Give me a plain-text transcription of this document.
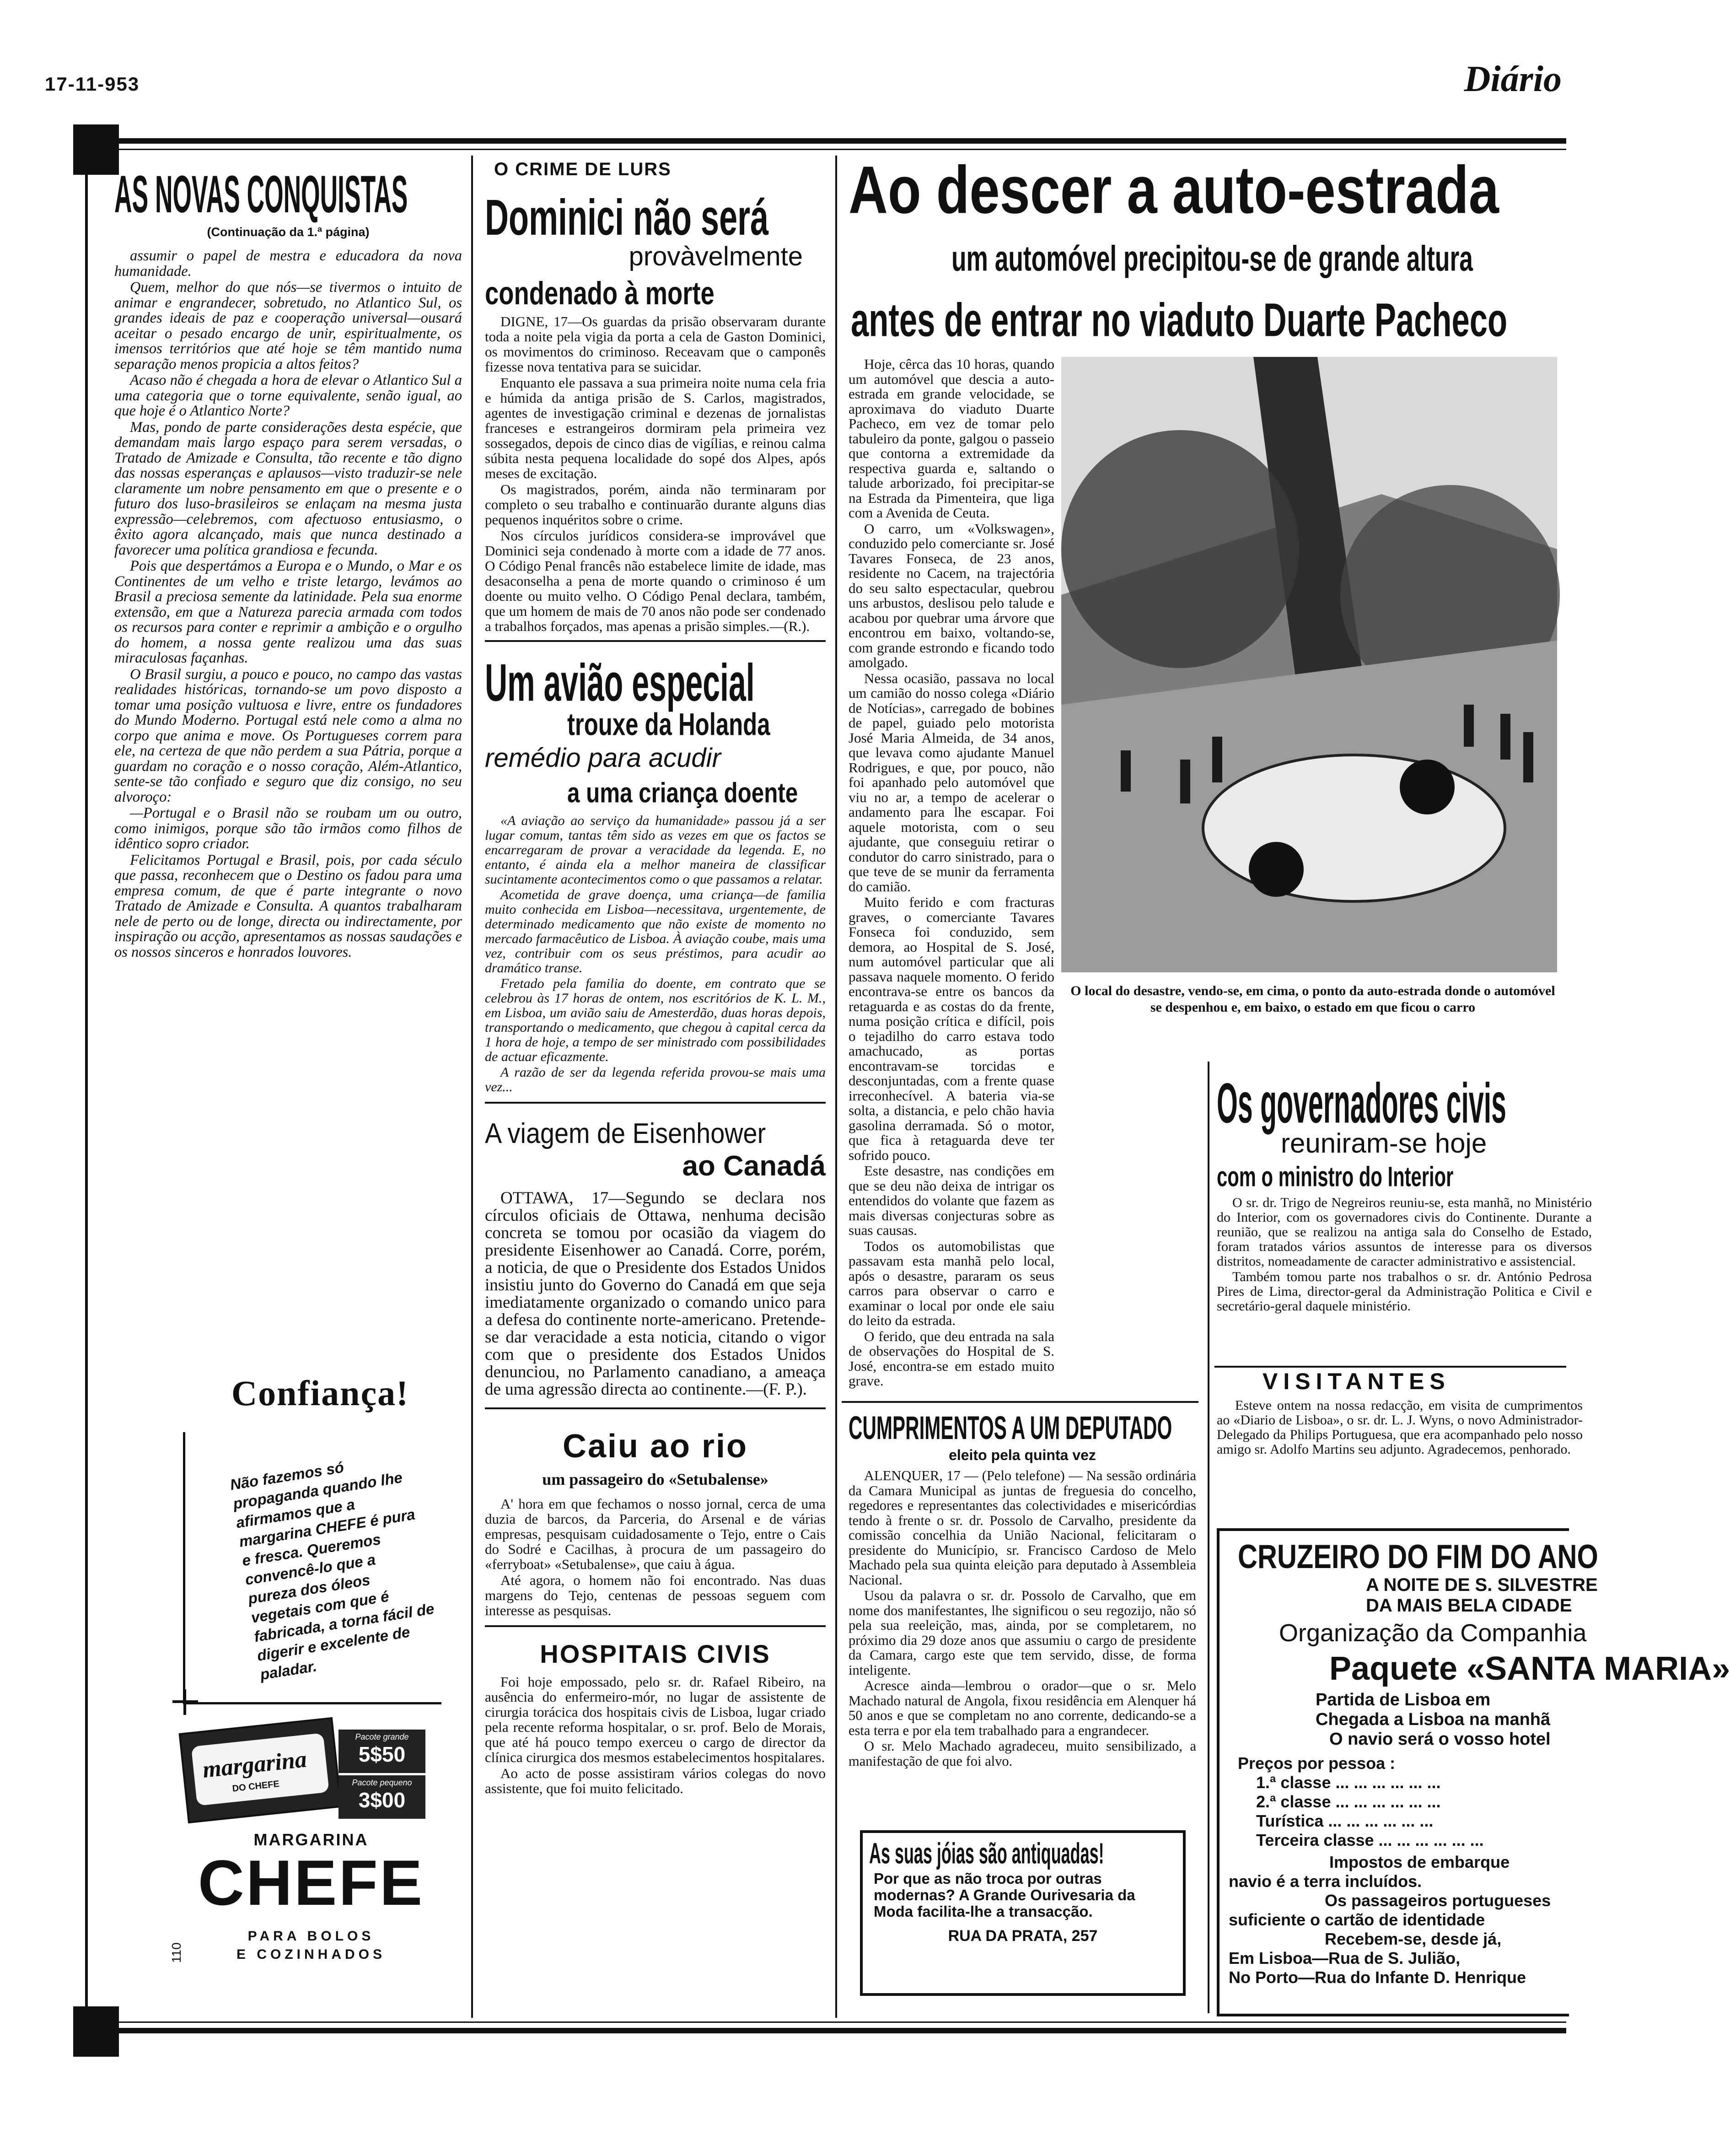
17-11-953	Diário
AS NOVAS CONQUISTAS
(Continuação da 1.ª página)

assumir o papel de mestra e educadora da nova humanidade.

Quem, melhor do que nós—se tivermos o intuito de animar e engrandecer, sobretudo, no Atlantico Sul, os grandes ideais de paz e cooperação universal—ousará aceitar o pesado encargo de unir, espiritualmente, os imensos territórios que até hoje se têm mantido numa separação menos propicia a altos feitos?

Acaso não é chegada a hora de elevar o Atlantico Sul a uma categoria que o torne equivalente, senão igual, ao que hoje é o Atlantico Norte?

Mas, pondo de parte considerações desta espécie, que demandam mais largo espaço para serem versadas, o Tratado de Amizade e Consulta, tão recente e tão digno das nossas esperanças e aplausos—visto traduzir-se nele claramente um nobre pensamento em que o presente e o futuro dos luso-brasileiros se enlaçam na mesma justa expressão—celebremos, com afectuoso entusiasmo, o êxito agora alcançado, mais que nunca destinado a favorecer uma política grandiosa e fecunda.

Pois que despertámos a Europa e o Mundo, o Mar e os Continentes de um velho e triste letargo, levámos ao Brasil a preciosa semente da latinidade. Pela sua enorme extensão, em que a Natureza parecia armada com todos os recursos para conter e reprimir a ambição e o orgulho do homem, a nossa gente realizou uma das suas miraculosas façanhas.

O Brasil surgiu, a pouco e pouco, no campo das vastas realidades históricas, tornando-se um povo disposto a tomar uma posição vultuosa e livre, entre os fundadores do Mundo Moderno. Portugal está nele como a alma no corpo que anima e move. Os Portugueses correm para ele, na certeza de que não perdem a sua Pátria, porque a guardam no coração e o nosso coração, Além-Atlantico, sente-se tão confiado e seguro que diz consigo, no seu alvoroço:

—Portugal e o Brasil não se roubam um ou outro, como inimigos, porque são tão irmãos como filhos de idêntico sopro criador.

Felicitamos Portugal e Brasil, pois, por cada século que passa, reconhecem que o Destino os fadou para uma empresa comum, de que é parte integrante o novo Tratado de Amizade e Consulta. A quantos trabalharam nele de perto ou de longe, directa ou indirectamente, por inspiração ou acção, apresentamos as nossas saudações e os nossos sinceros e honrados louvores.

Confiança!
Não fazemos só propaganda quando lhe afirmamos que a margarina CHEFE é pura e fresca. Queremos convencê-lo que a pureza dos óleos vegetais com que é fabricada, a torna fácil de digerir e excelente de paladar.
margarina
DO CHEFE
Pacote grande
5$50
Pacote pequeno
3$00
MARGARINA
CHEFE
PARA BOLOS
E COZINHADOS
110
O CRIME DE LURS
Dominici não será
provàvelmente
condenado à morte

DIGNE, 17—Os guardas da prisão observaram durante toda a noite pela vigia da porta a cela de Gaston Dominici, os movimentos do criminoso. Receavam que o camponês fizesse nova tentativa para se suicidar.

Enquanto ele passava a sua primeira noite numa cela fria e húmida da antiga prisão de S. Carlos, magistrados, agentes de investigação criminal e dezenas de jornalistas franceses e estrangeiros dormiram pela primeira vez sossegados, depois de cinco dias de vigílias, e reinou calma súbita nesta pequena localidade do sopé dos Alpes, após meses de excitação.

Os magistrados, porém, ainda não terminaram por completo o seu trabalho e continuarão durante alguns dias pequenos inquéritos sobre o crime.

Nos círculos jurídicos considera-se improvável que Dominici seja condenado à morte com a idade de 77 anos. O Código Penal francês não estabelece limite de idade, mas desaconselha a pena de morte quando o criminoso é um doente ou muito velho. O Código Penal declara, também, que um homem de mais de 70 anos não pode ser condenado a trabalhos forçados, mas apenas a prisão simples.—(R.).

Um avião especial
trouxe da Holanda
remédio para acudir
a uma criança doente

«A aviação ao serviço da humanidade» passou já a ser lugar comum, tantas têm sido as vezes em que os factos se encarregaram de provar a veracidade da legenda. E, no entanto, é ainda ela a melhor maneira de classificar sucintamente acontecimentos como o que passamos a relatar.

Acometida de grave doença, uma criança—de familia muito conhecida em Lisboa—necessitava, urgentemente, de determinado medicamento que não existe de momento no mercado farmacêutico de Lisboa. À aviação coube, mais uma vez, contribuir com os seus préstimos, para acudir ao dramático transe.

Fretado pela familia do doente, em contrato que se celebrou às 17 horas de ontem, nos escritórios de K. L. M., em Lisboa, um avião saiu de Amesterdão, duas horas depois, transportando o medicamento, que chegou à capital cerca da 1 hora de hoje, a tempo de ser ministrado com possibilidades de actuar eficazmente.

A razão de ser da legenda referida provou-se mais uma vez...

A viagem de Eisenhower
ao Canadá

OTTAWA, 17—Segundo se declara nos círculos oficiais de Ottawa, nenhuma decisão concreta se tomou por ocasião da viagem do presidente Eisenhower ao Canadá. Corre, porém, a noticia, de que o Presidente dos Estados Unidos insistiu junto do Governo do Canadá em que seja imediatamente organizado o comando unico para a defesa do continente norte-americano. Pretende-se dar veracidade a esta noticia, citando o vigor com que o presidente dos Estados Unidos denunciou, no Parlamento canadiano, a ameaça de uma agressão directa ao continente.—(F. P.).

Caiu ao rio
um passageiro do «Setubalense»

A' hora em que fechamos o nosso jornal, cerca de uma duzia de barcos, da Parceria, do Arsenal e de várias empresas, pesquisam cuidadosamente o Tejo, entre o Cais do Sodré e Cacilhas, à procura de um passageiro do «ferryboat» «Setubalense», que caiu à água.

Até agora, o homem não foi encontrado. Nas duas margens do Tejo, centenas de pessoas seguem com interesse as pesquisas.

HOSPITAIS CIVIS

Foi hoje empossado, pelo sr. dr. Rafael Ribeiro, na ausência do enfermeiro-mór, no lugar de assistente de cirurgia torácica dos hospitais civis de Lisboa, lugar criado pela recente reforma hospitalar, o sr. prof. Belo de Morais, que até há pouco tempo exerceu o cargo de director da clínica cirurgica dos mesmos estabelecimentos hospitalares.

Ao acto de posse assistiram vários colegas do novo assistente, que foi muito felicitado.

Ao descer a auto-estrada
um automóvel precipitou-se de grande altura
antes de entrar no viaduto Duarte Pacheco

Hoje, cêrca das 10 horas, quando um automóvel que descia a auto-estrada em grande velocidade, se aproximava do viaduto Duarte Pacheco, em vez de tomar pelo tabuleiro da ponte, galgou o passeio que contorna a extremidade da respectiva guarda e, saltando o talude arborizado, foi precipitar-se na Estrada da Pimenteira, que liga com a Avenida de Ceuta.

O carro, um «Volkswagen», conduzido pelo comerciante sr. José Tavares Fonseca, de 23 anos, residente no Cacem, na trajectória do seu salto espectacular, quebrou uns arbustos, deslisou pelo talude e acabou por quebrar uma árvore que encontrou em baixo, voltando-se, com grande estrondo e ficando todo amolgado.

Nessa ocasião, passava no local um camião do nosso colega «Diário de Notícias», carregado de bobines de papel, guiado pelo motorista José Maria Almeida, de 34 anos, que levava como ajudante Manuel Rodrigues, e que, por pouco, não foi apanhado pelo automóvel que viu no ar, a tempo de acelerar o andamento para lhe escapar. Foi aquele motorista, com o seu ajudante, que conseguiu retirar o condutor do carro sinistrado, para o que teve de se munir da ferramenta do camião.

Muito ferido e com fracturas graves, o comerciante Tavares Fonseca foi conduzido, sem demora, ao Hospital de S. José, num automóvel particular que ali passava naquele momento. O ferido encontrava-se entre os bancos da retaguarda e as costas do da frente, numa posição crítica e difícil, pois o tejadilho do carro estava todo amachucado, as portas encontravam-se torcidas e desconjuntadas, com a frente quase irreconhecível. A bateria via-se solta, a distancia, e pelo chão havia gasolina derramada. Só o motor, que fica à retaguarda deve ter sofrido pouco.

Este desastre, nas condições em que se deu não deixa de intrigar os entendidos do volante que fazem as mais diversas conjecturas sobre as suas causas.

Todos os automobilistas que passavam esta manhã pelo local, após o desastre, pararam os seus carros para observar o carro e examinar o local por onde ele saiu do leito da estrada.

O ferido, que deu entrada na sala de observações do Hospital de S. José, encontra-se em estado muito grave.

O local do desastre, vendo-se, em cima, o ponto da auto-estrada donde o automóvel se despenhou e, em baixo, o estado em que ficou o carro
CUMPRIMENTOS A UM DEPUTADO
eleito pela quinta vez

ALENQUER, 17 — (Pelo telefone) — Na sessão ordinária da Camara Municipal as juntas de freguesia do concelho, regedores e representantes das colectividades e misericórdias tendo à frente o sr. dr. Possolo de Carvalho, presidente da comissão concelhia da União Nacional, felicitaram o presidente do Município, sr. Francisco Cardoso de Melo Machado pela sua quinta eleição para deputado à Assembleia Nacional.

Usou da palavra o sr. dr. Possolo de Carvalho, que em nome dos manifestantes, lhe significou o seu regozijo, não só pela sua reeleição, mas, ainda, por se completarem, no próximo dia 29 doze anos que assumiu o cargo de presidente da Camara, cargo este que tem servido, disse, de forma inteligente.

Acresce ainda—lembrou o orador—que o sr. Melo Machado natural de Angola, fixou residência em Alenquer há 50 anos e que se completam no ano corrente, dedicando-se a esta terra e por ela tem trabalhado para a engrandecer.

O sr. Melo Machado agradeceu, muito sensibilizado, a manifestação de que foi alvo.

As suas jóias são antiquadas!
Por que as não troca por outras modernas? A Grande Ourivesaria da Moda facilita-lhe a transacção.
RUA DA PRATA, 257
Os governadores civis
reuniram-se hoje
com o ministro do Interior

O sr. dr. Trigo de Negreiros reuniu-se, esta manhã, no Ministério do Interior, com os governadores civis do Continente. Durante a reunião, que se realizou na antiga sala do Conselho de Estado, foram tratados vários assuntos de interesse para os diversos distritos, nomeadamente de caracter administrativo e assistencial.

Também tomou parte nos trabalhos o sr. dr. António Pedrosa Pires de Lima, director-geral da Administração Politica e Civil e secretário-geral daquele ministério.

VISITANTES
Esteve ontem na nossa redacção, em visita de cumprimentos ao «Diario de Lisboa», o sr. dr. L. J. Wyns, o novo Administrador-Delegado da Philips Portuguesa, que era acompanhado pelo nosso amigo sr. Adolfo Martins seu adjunto. Agradecemos, penhorado.
CRUZEIRO DO FIM DO ANO
A NOITE DE S. SILVESTRE
DA MAIS BELA CIDADE
Organização da Companhia
Paquete «SANTA MARIA»
Partida de Lisboa em
Chegada a Lisboa na manhã
O navio será o vosso hotel
Preços por pessoa :
1.ª classe ... ... ... ... ... ...
2.ª classe ... ... ... ... ... ...
Turística ... ... ... ... ... ...
Terceira classe ... ... ... ... ... ...
Impostos de embarque
navio é a terra incluídos.
Os passageiros portugueses
suficiente o cartão de identidade
Recebem-se, desde já,
Em Lisboa—Rua de S. Julião,
No Porto—Rua do Infante D. Henrique
